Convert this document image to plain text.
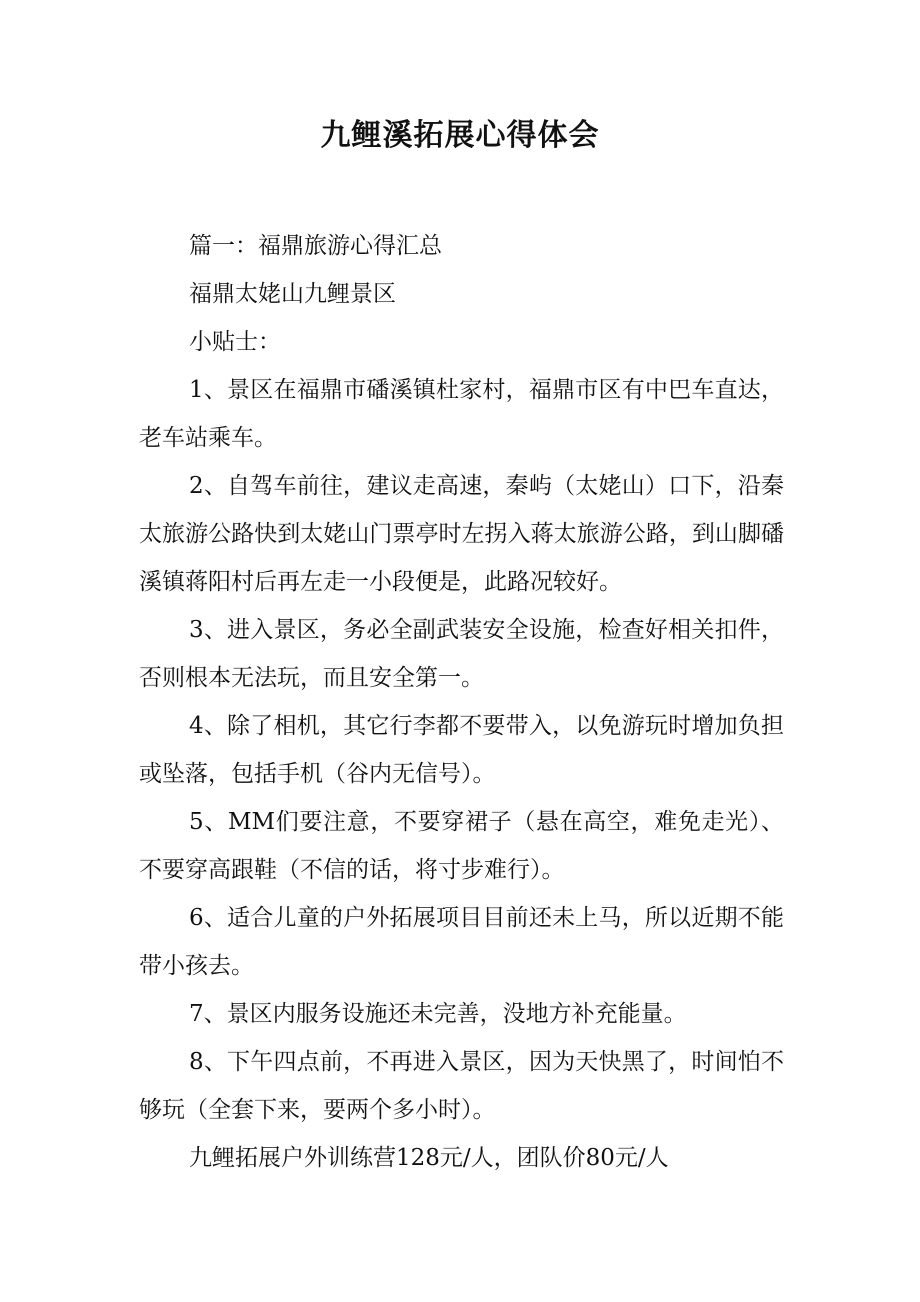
九鲤溪拓展心得体会

篇一：福鼎旅游心得汇总

福鼎太姥山九鲤景区

小贴士：

1、景区在福鼎市磻溪镇杜家村，福鼎市区有中巴车直达，老车站乘车。

2、自驾车前往，建议走高速，秦屿（太姥山）口下，沿秦太旅游公路快到太姥山门票亭时左拐入蒋太旅游公路，到山脚磻溪镇蒋阳村后再左走一小段便是，此路况较好。

3、进入景区，务必全副武装安全设施，检查好相关扣件，否则根本无法玩，而且安全第一。

4、除了相机，其它行李都不要带入，以免游玩时增加负担或坠落，包括手机（谷内无信号）。

5、MM们要注意，不要穿裙子（悬在高空，难免走光）、不要穿高跟鞋（不信的话，将寸步难行）。

6、适合儿童的户外拓展项目目前还未上马，所以近期不能带小孩去。

7、景区内服务设施还未完善，没地方补充能量。

8、下午四点前，不再进入景区，因为天快黑了，时间怕不够玩（全套下来，要两个多小时）。

九鲤拓展户外训练营128元/人，团队价80元/人
